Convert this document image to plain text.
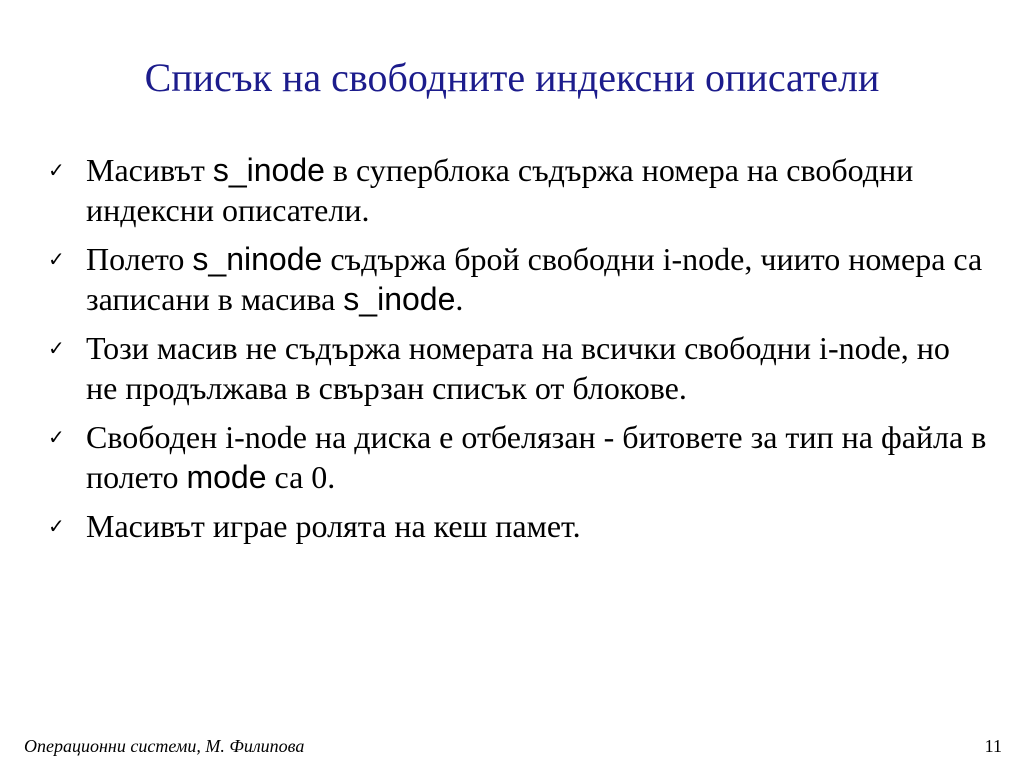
Списък на свободните индексни описатели
✓ Масивът s_inode в суперблока съдържа номера на свободни индексни описатели.
✓ Полето s_ninode съдържа брой свободни i-node, чиито номера са записани в масива s_inode.
✓ Този масив не съдържа номерата на всички свободни i-node, но не продължава в свързан списък от блокове.
✓ Свободен i-node на диска е отбелязан - битовете за тип на файла в полето mode са 0.
✓ Масивът играе ролята на кеш памет.
Операционни системи, М. Филипова	11
